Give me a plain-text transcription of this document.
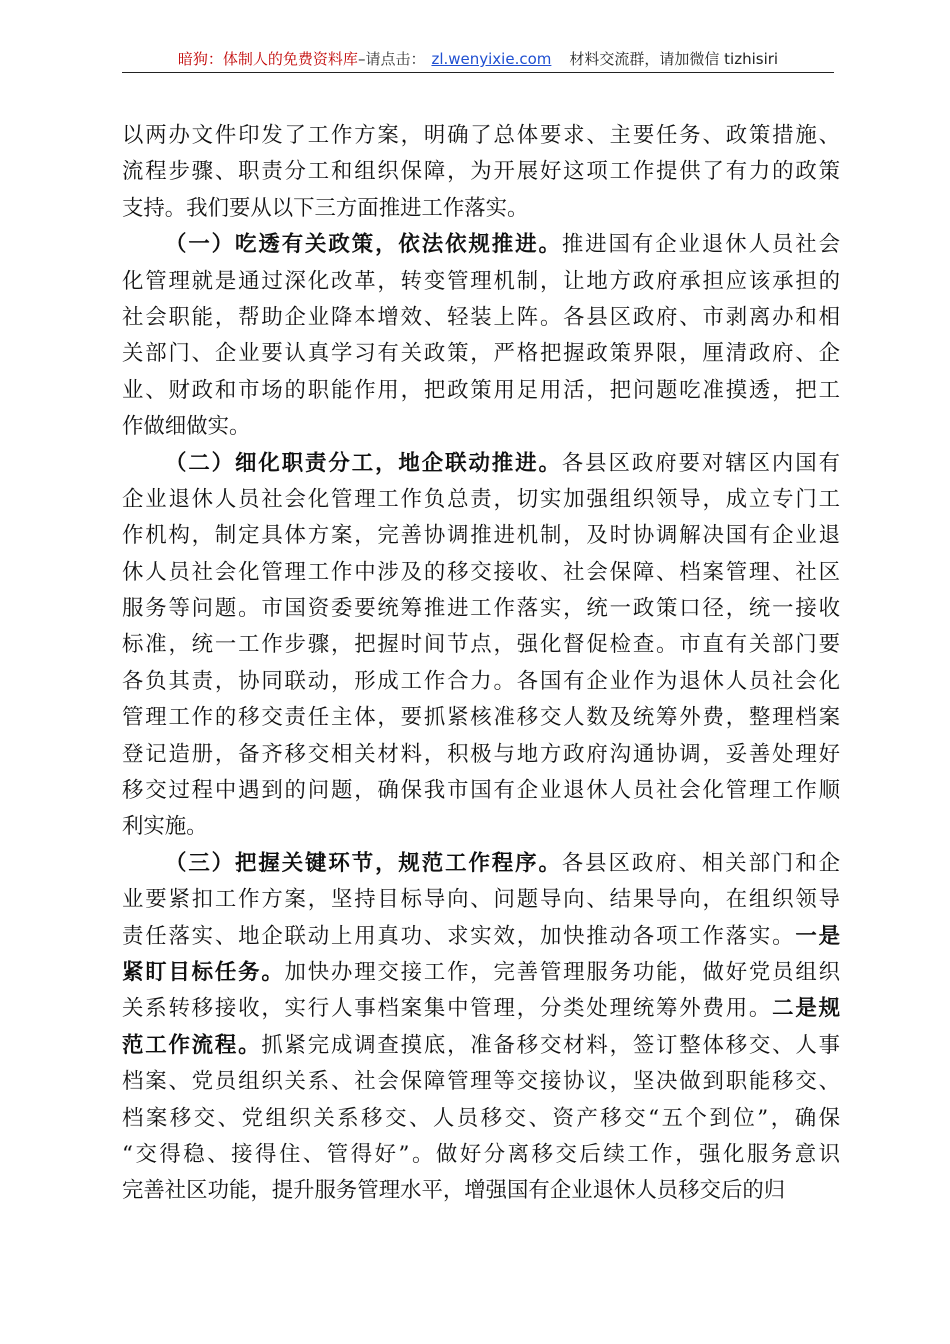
暗狗：体制人的免费资料库–请点击： zl.wenyixie.com 材料交流群，请加微信 tizhisiri
以两办文件印发了工作方案，明确了总体要求、主要任务、政策措施、
流程步骤、职责分工和组织保障，为开展好这项工作提供了有力的政策
支持。我们要从以下三方面推进工作落实。
（一）吃透有关政策，依法依规推进。推进国有企业退休人员社会
化管理就是通过深化改革，转变管理机制，让地方政府承担应该承担的
社会职能，帮助企业降本增效、轻装上阵。各县区政府、市剥离办和相
关部门、企业要认真学习有关政策，严格把握政策界限，厘清政府、企
业、财政和市场的职能作用，把政策用足用活，把问题吃准摸透，把工
作做细做实。
（二）细化职责分工，地企联动推进。各县区政府要对辖区内国有
企业退休人员社会化管理工作负总责，切实加强组织领导，成立专门工
作机构，制定具体方案，完善协调推进机制，及时协调解决国有企业退
休人员社会化管理工作中涉及的移交接收、社会保障、档案管理、社区
服务等问题。市国资委要统筹推进工作落实，统一政策口径，统一接收
标准，统一工作步骤，把握时间节点，强化督促检查。市直有关部门要
各负其责，协同联动，形成工作合力。各国有企业作为退休人员社会化
管理工作的移交责任主体，要抓紧核准移交人数及统筹外费，整理档案
登记造册，备齐移交相关材料，积极与地方政府沟通协调，妥善处理好
移交过程中遇到的问题，确保我市国有企业退休人员社会化管理工作顺
利实施。
（三）把握关键环节，规范工作程序。各县区政府、相关部门和企
业要紧扣工作方案，坚持目标导向、问题导向、结果导向，在组织领导
责任落实、地企联动上用真功、求实效，加快推动各项工作落实。一是
紧盯目标任务。加快办理交接工作，完善管理服务功能，做好党员组织
关系转移接收，实行人事档案集中管理，分类处理统筹外费用。二是规
范工作流程。抓紧完成调查摸底，准备移交材料，签订整体移交、人事
档案、党员组织关系、社会保障管理等交接协议，坚决做到职能移交、
档案移交、党组织关系移交、人员移交、资产移交“五个到位”，确保
“交得稳、接得住、管得好”。做好分离移交后续工作，强化服务意识
完善社区功能，提升服务管理水平，增强国有企业退休人员移交后的归
